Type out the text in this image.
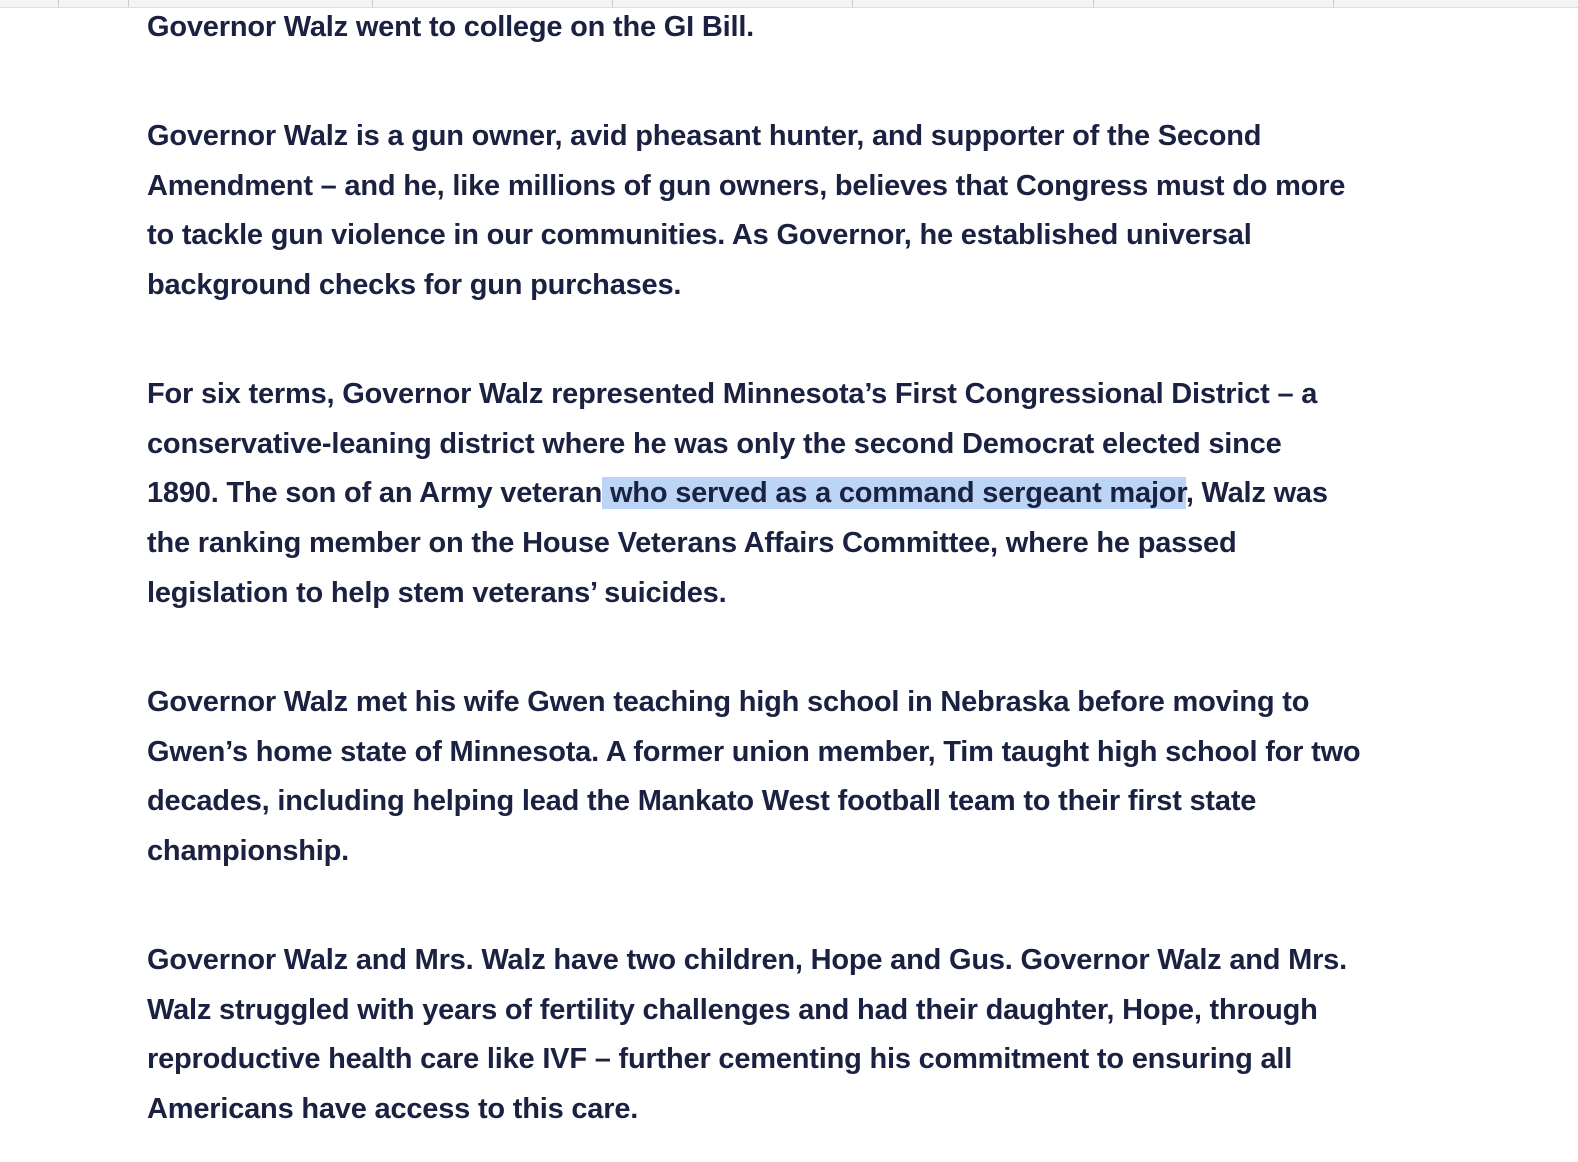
Governor Walz went to college on the GI Bill.

Governor Walz is a gun owner, avid pheasant hunter, and supporter of the Second
Amendment – and he, like millions of gun owners, believes that Congress must do more
to tackle gun violence in our communities. As Governor, he established universal
background checks for gun purchases.

For six terms, Governor Walz represented Minnesota’s First Congressional District – a
conservative-leaning district where he was only the second Democrat elected since
1890. The son of an Army veteran who served as a command sergeant major, Walz was
the ranking member on the House Veterans Affairs Committee, where he passed
legislation to help stem veterans’ suicides.

Governor Walz met his wife Gwen teaching high school in Nebraska before moving to
Gwen’s home state of Minnesota. A former union member, Tim taught high school for two
decades, including helping lead the Mankato West football team to their first state
championship.

Governor Walz and Mrs. Walz have two children, Hope and Gus. Governor Walz and Mrs.
Walz struggled with years of fertility challenges and had their daughter, Hope, through
reproductive health care like IVF – further cementing his commitment to ensuring all
Americans have access to this care.
